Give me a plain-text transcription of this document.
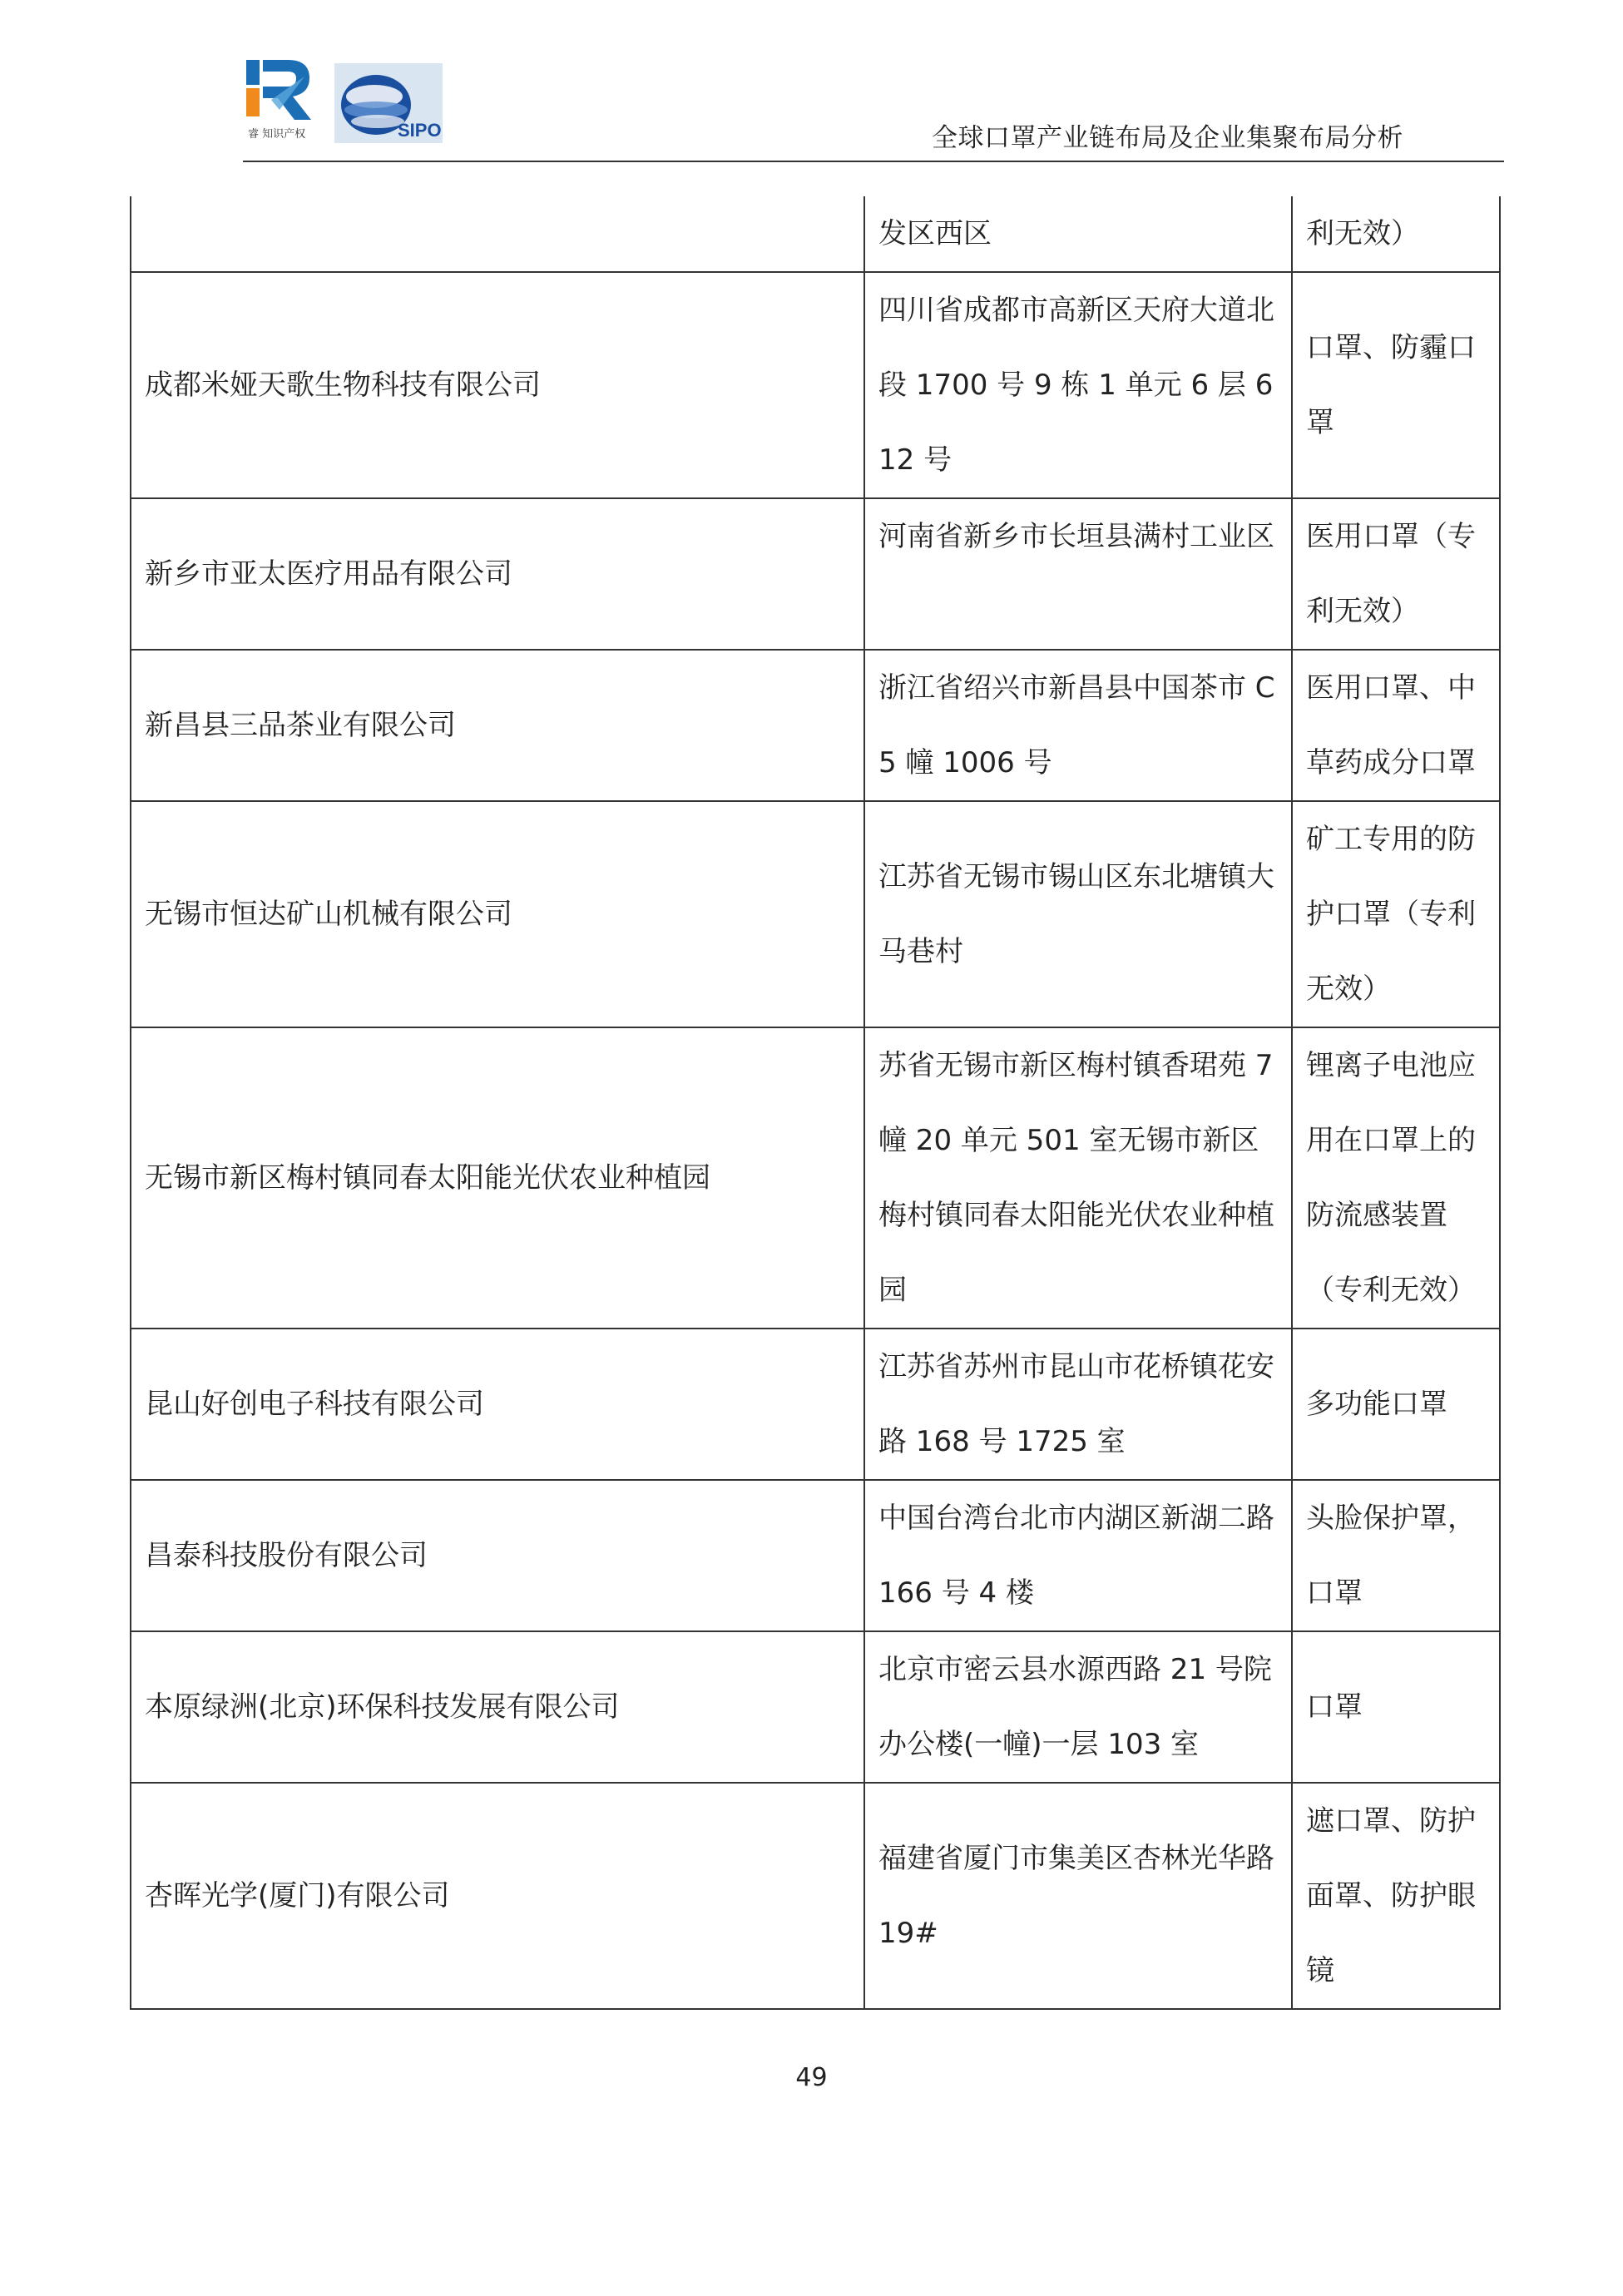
睿 知识产权	SIPO	全球口罩产业链布局及企业集聚布局分析
	发区西区	利无效）
成都米娅天歌生物科技有限公司	四川省成都市高新区天府大道北段 1700 号 9 栋 1 单元 6 层 612 号	口罩、防霾口罩
新乡市亚太医疗用品有限公司	河南省新乡市长垣县满村工业区	医用口罩（专利无效）
新昌县三品茶业有限公司	浙江省绍兴市新昌县中国茶市 C5 幢 1006 号	医用口罩、中草药成分口罩
无锡市恒达矿山机械有限公司	江苏省无锡市锡山区东北塘镇大马巷村	矿工专用的防护口罩（专利无效）
无锡市新区梅村镇同春太阳能光伏农业种植园	苏省无锡市新区梅村镇香珺苑 7 幢 20 单元 501 室无锡市新区梅村镇同春太阳能光伏农业种植园	锂离子电池应用在口罩上的防流感装置（专利无效）
昆山好创电子科技有限公司	江苏省苏州市昆山市花桥镇花安路 168 号 1725 室	多功能口罩
昌泰科技股份有限公司	中国台湾台北市内湖区新湖二路 166 号 4 楼	头脸保护罩，口罩
本原绿洲(北京)环保科技发展有限公司	北京市密云县水源西路 21 号院办公楼(一幢)一层 103 室	口罩
杏晖光学(厦门)有限公司	福建省厦门市集美区杏林光华路 19#	遮口罩、防护面罩、防护眼镜
49
